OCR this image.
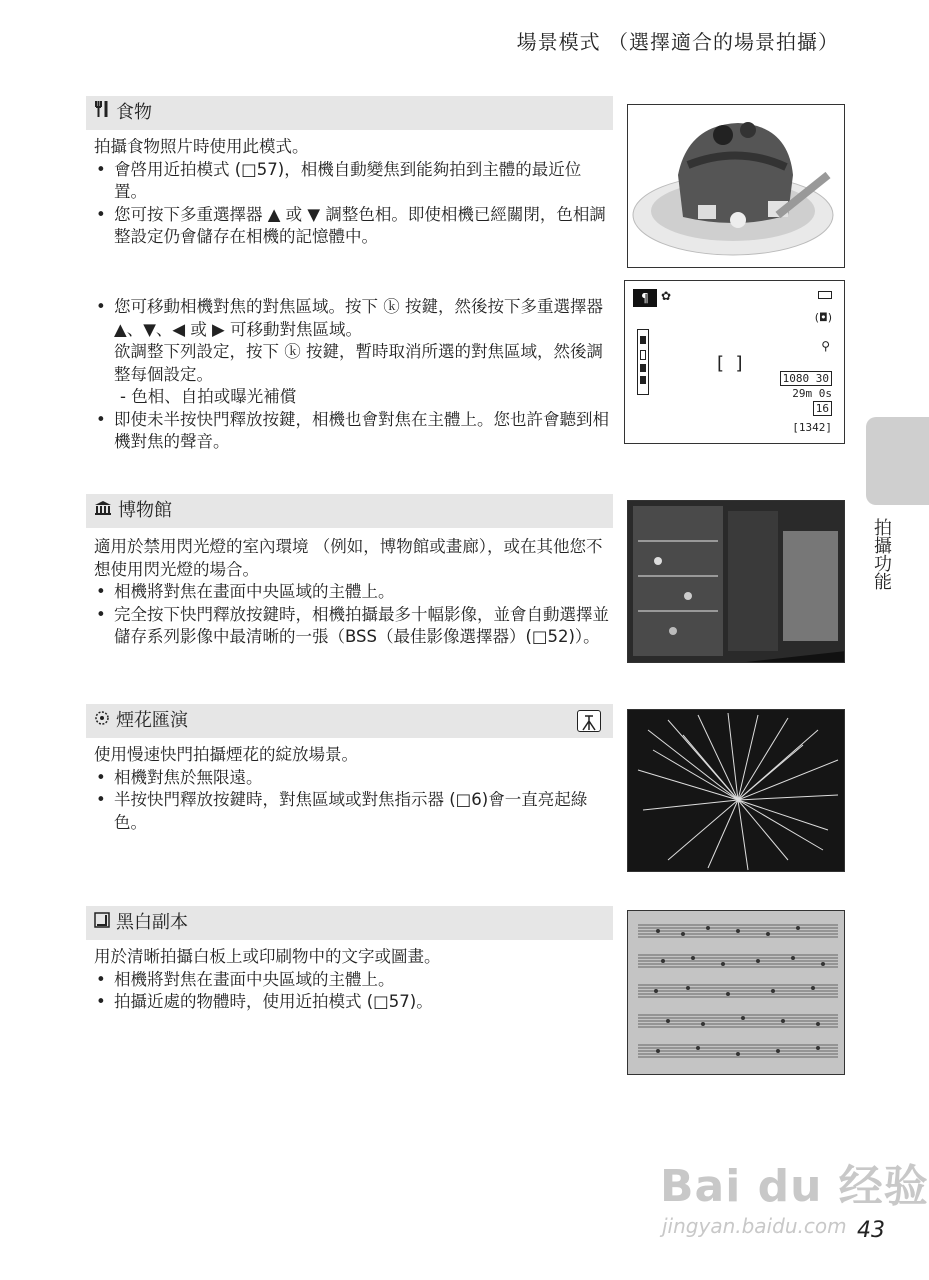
場景模式 （選擇適合的場景拍攝）
食物

拍攝食物照片時使用此模式。

• 會啓用近拍模式 (□57)，相機自動變焦到能夠拍到主體的最近位置。
• 您可按下多重選擇器 ▲ 或 ▼ 調整色相。即使相機已經關閉，色相調整設定仍會儲存在相機的記憶體中。
• 您可移動相機對焦的對焦區域。按下 ⓚ 按鍵，然後按下多重選擇器 ▲、▼、◀ 或 ▶ 可移動對焦區域。
欲調整下列設定，按下 ⓚ 按鍵，暫時取消所選的對焦區域，然後調整每個設定。
- 色相、自拍或曝光補償
• 即使未半按快門釋放按鍵，相機也會對焦在主體上。您也許會聽到相機對焦的聲音。
¶	✿
(◘)
⚲
[  ]
1080 30
29m 0s
16
[1342]
博物館

適用於禁用閃光燈的室內環境 （例如，博物館或畫廊），或在其他您不想使用閃光燈的場合。

• 相機將對焦在畫面中央區域的主體上。
• 完全按下快門釋放按鍵時，相機拍攝最多十幅影像，並會自動選擇並儲存系列影像中最清晰的一張（BSS（最佳影像選擇器）(□52)）。
煙花匯演

使用慢速快門拍攝煙花的綻放場景。

• 相機對焦於無限遠。
• 半按快門釋放按鍵時，對焦區域或對焦指示器 (□6)會一直亮起綠色。
黑白副本

用於清晰拍攝白板上或印刷物中的文字或圖畫。

• 相機將對焦在畫面中央區域的主體上。
• 拍攝近處的物體時，使用近拍模式 (□57)。
拍攝功能
Bai du 经验
jingyan.baidu.com 43
